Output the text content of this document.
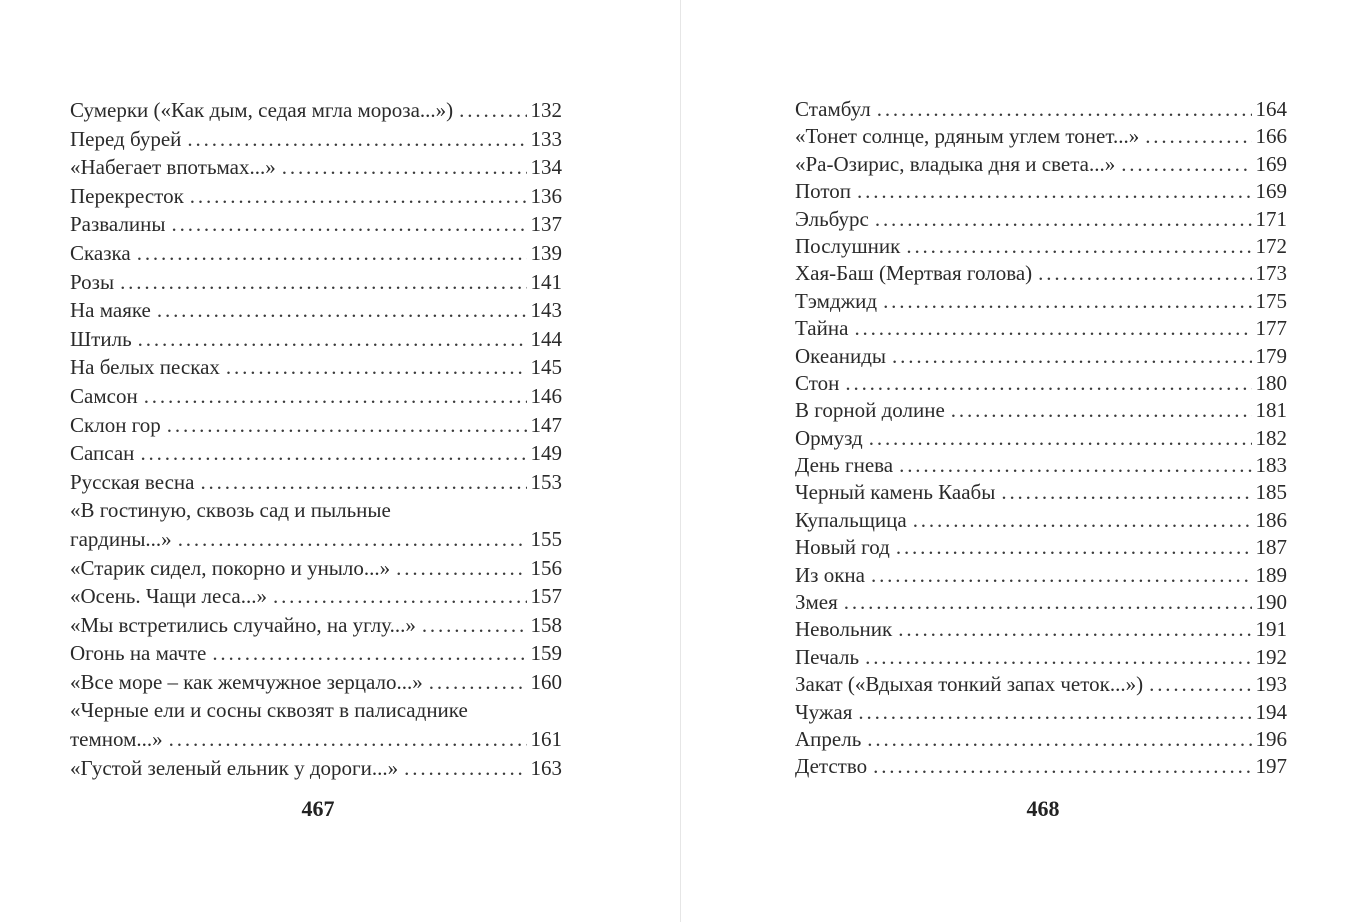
Сумерки («Как дым, седая мгла мороза...») . . .	132
Перед бурей . . .	133
«Набегает впотьмах...» . . .	134
Перекресток . . .	136
Развалины . . .	137
Сказка . . .	139
Розы . . .	141
На маяке . . .	143
Штиль . . .	144
На белых песках . . .	145
Самсон . . .	146
Склон гор . . .	147
Сапсан . . .	149
Русская весна . . .	153
«В гостиную, сквозь сад и пыльные
гардины...» . . .	155
«Старик сидел, покорно и уныло...» . . .	156
«Осень. Чащи леса...» . . .	157
«Мы встретились случайно, на углу...» . . .	158
Огонь на мачте . . .	159
«Все море – как жемчужное зерцало...» . . .	160
«Черные ели и сосны сквозят в палисаднике
темном...» . . .	161
«Густой зеленый ельник у дороги...» . . .	163
467
Стамбул . . .	164
«Тонет солнце, рдяным углем тонет...» . . .	166
«Ра-Озирис, владыка дня и света...» . . .	169
Потоп . . .	169
Эльбурс . . .	171
Послушник . . .	172
Хая-Баш (Мертвая голова) . . .	173
Тэмджид . . .	175
Тайна . . .	177
Океаниды . . .	179
Стон . . .	180
В горной долине . . .	181
Ормузд . . .	182
День гнева . . .	183
Черный камень Каабы . . .	185
Купальщица . . .	186
Новый год . . .	187
Из окна . . .	189
Змея . . .	190
Невольник . . .	191
Печаль . . .	192
Закат («Вдыхая тонкий запах четок...») . . .	193
Чужая . . .	194
Апрель . . .	196
Детство . . .	197
468
